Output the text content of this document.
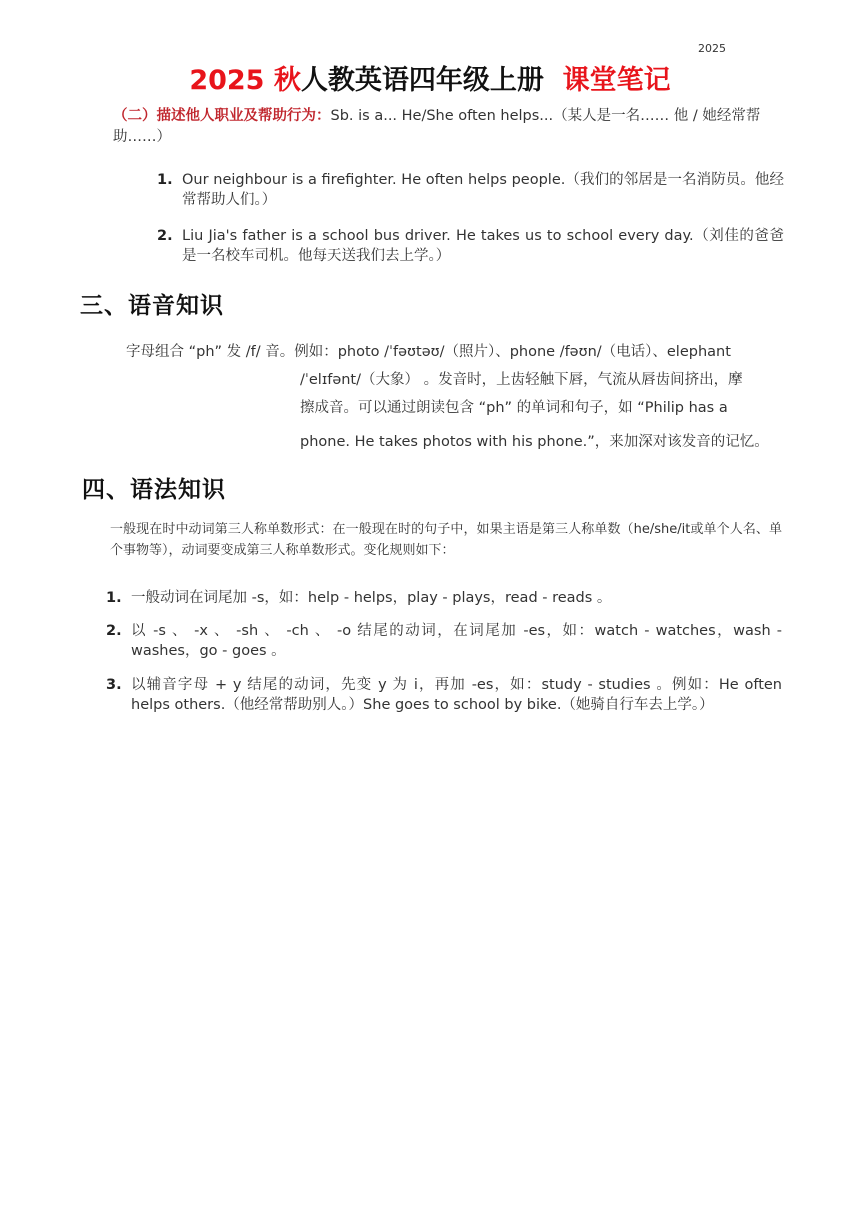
2025
2025 秋人教英语四年级上册 课堂笔记
（二）描述他人职业及帮助行为：Sb. is a... He/She often helps...（某人是一名…… 他 / 她经常帮助……）
1. Our neighbour is a firefighter. He often helps people.（我们的邻居是一名消防员。他经常帮助人们。）
2. Liu Jia's father is a school bus driver. He takes us to school every day.（刘佳的爸爸是一名校车司机。他每天送我们去上学。）
三、语音知识
字母组合 “ph” 发 /f/ 音。例如：photo /ˈfəʊtəʊ/（照片）、phone /fəʊn/（电话）、elephant
/ˈelɪfənt/（大象） 。发音时，上齿轻触下唇，气流从唇齿间挤出，摩
擦成音。可以通过朗读包含 “ph” 的单词和句子，如 “Philip has a
phone. He takes photos with his phone.”，来加深对该发音的记忆。
四、语法知识
一般现在时中动词第三人称单数形式：在一般现在时的句子中，如果主语是第三人称单数（he/she/it或单个人名、单个事物等），动词要变成第三人称单数形式。变化规则如下：
1. 一般动词在词尾加 -s，如：help - helps，play - plays，read - reads 。
2. 以 -s 、 -x 、 -sh 、 -ch 、 -o 结尾的动词，在词尾加 -es，如：watch - watches，wash - washes，go - goes 。
3. 以辅音字母 + y 结尾的动词，先变 y 为 i，再加 -es，如：study - studies 。例如：He often helps others.（他经常帮助别人。）She goes to school by bike.（她骑自行车去上学。）
